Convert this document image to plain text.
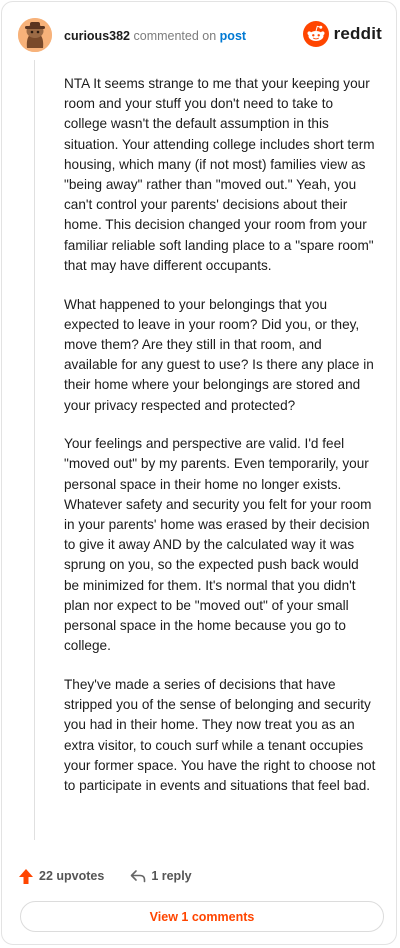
curious382 commented on post	reddit

NTA It seems strange to me that your keeping your room and your stuff you don't need to take to college wasn't the default assumption in this situation. Your attending college includes short term housing, which many (if not most) families view as "being away" rather than "moved out." Yeah, you can't control your parents' decisions about their home. This decision changed your room from your familiar reliable soft landing place to a "spare room" that may have different occupants.

What happened to your belongings that you expected to leave in your room? Did you, or they, move them? Are they still in that room, and available for any guest to use? Is there any place in their home where your belongings are stored and your privacy respected and protected?

Your feelings and perspective are valid. I'd feel "moved out" by my parents. Even temporarily, your personal space in their home no longer exists. Whatever safety and security you felt for your room in your parents' home was erased by their decision to give it away AND by the calculated way it was sprung on you, so the expected push back would be minimized for them. It's normal that you didn't plan nor expect to be "moved out" of your small personal space in the home because you go to college.

They've made a series of decisions that have stripped you of the sense of belonging and security you had in their home. They now treat you as an extra visitor, to couch surf while a tenant occupies your former space. You have the right to choose not to participate in events and situations that feel bad.

22 upvotes	1 reply
View 1 comments
